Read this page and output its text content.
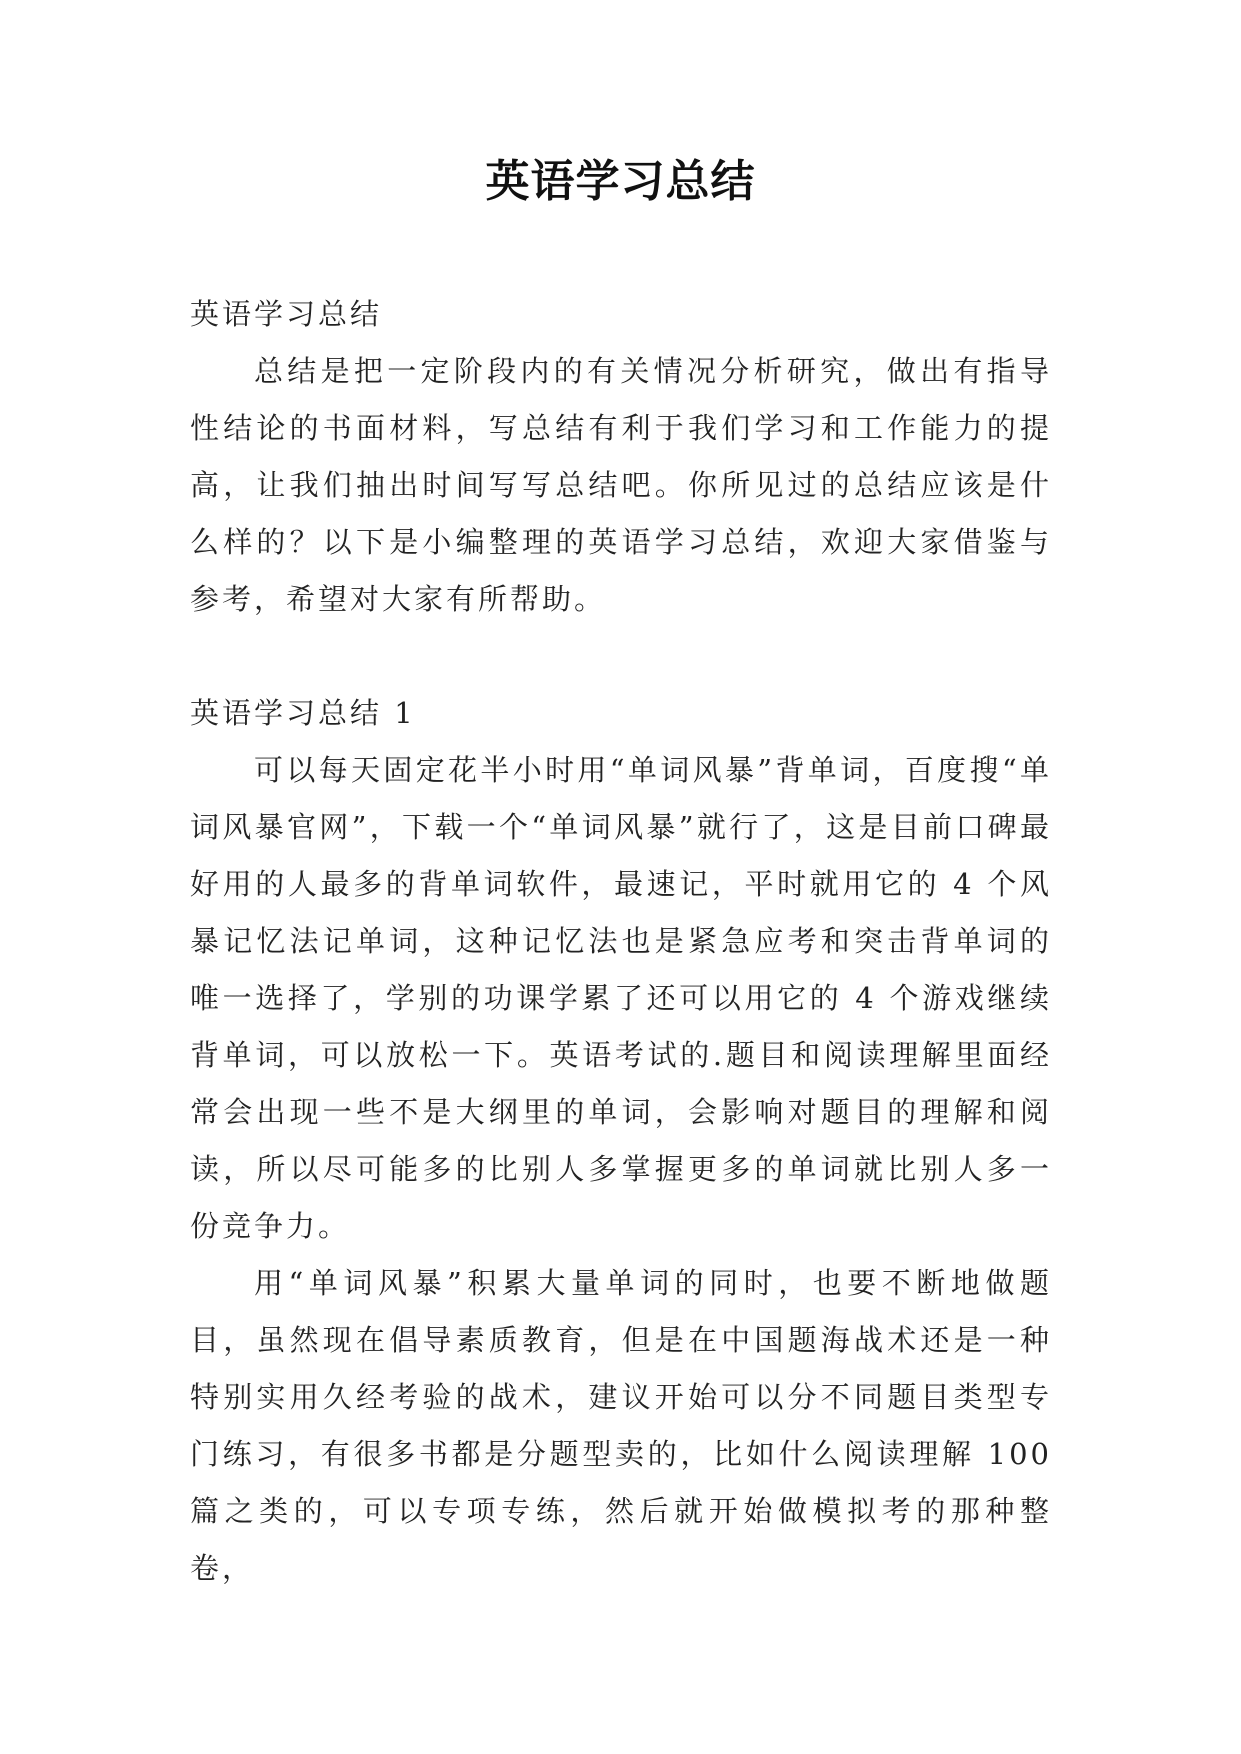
英语学习总结

英语学习总结

总结是把一定阶段内的有关情况分析研究，做出有指导性结论的书面材料，写总结有利于我们学习和工作能力的提高，让我们抽出时间写写总结吧。你所见过的总结应该是什么样的？以下是小编整理的英语学习总结，欢迎大家借鉴与参考，希望对大家有所帮助。

英语学习总结 1

可以每天固定花半小时用“单词风暴”背单词，百度搜“单词风暴官网”，下载一个“单词风暴”就行了，这是目前口碑最好用的人最多的背单词软件，最速记，平时就用它的 4 个风暴记忆法记单词，这种记忆法也是紧急应考和突击背单词的唯一选择了，学别的功课学累了还可以用它的 4 个游戏继续背单词，可以放松一下。英语考试的.题目和阅读理解里面经常会出现一些不是大纲里的单词，会影响对题目的理解和阅读，所以尽可能多的比别人多掌握更多的单词就比别人多一份竞争力。

用“单词风暴”积累大量单词的同时，也要不断地做题目，虽然现在倡导素质教育，但是在中国题海战术还是一种特别实用久经考验的战术，建议开始可以分不同题目类型专门练习，有很多书都是分题型卖的，比如什么阅读理解 100 篇之类的，可以专项专练，然后就开始做模拟考的那种整卷，
